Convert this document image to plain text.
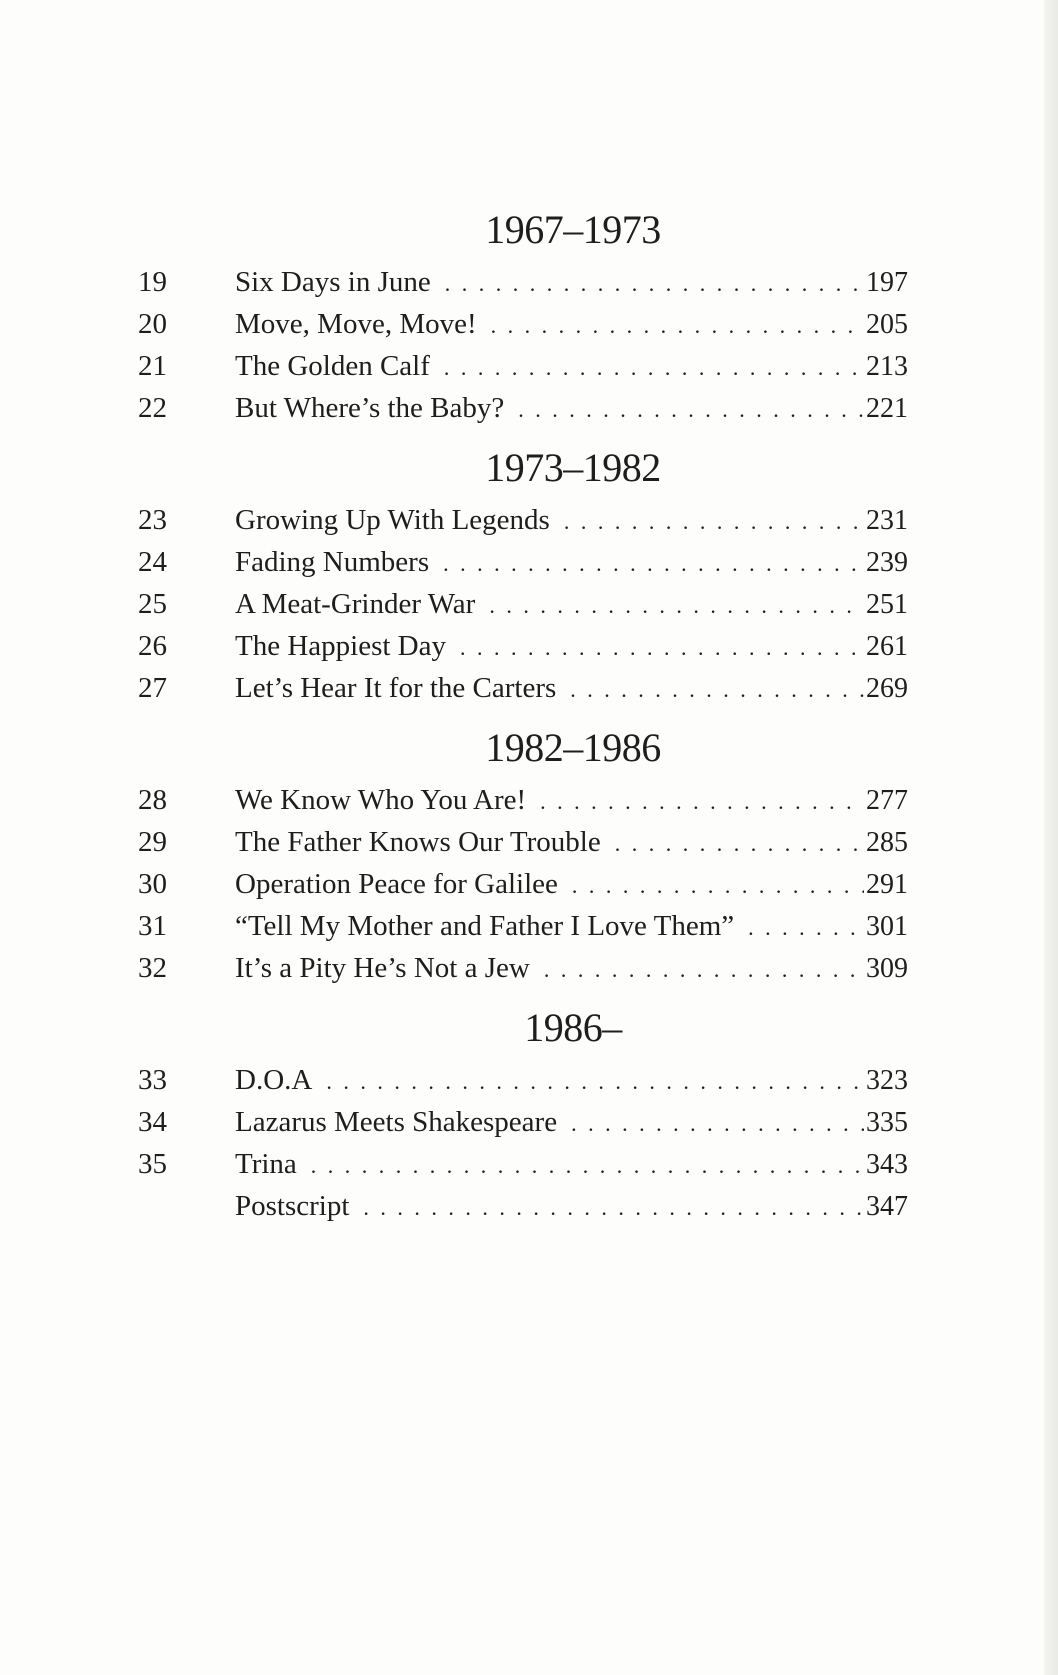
1967–1973
19	Six Days in June . . .	197
20	Move, Move, Move! . . .	205
21	The Golden Calf . . .	213
22	But Where’s the Baby? . . .	221
1973–1982
23	Growing Up With Legends . . .	231
24	Fading Numbers . . .	239
25	A Meat-Grinder War . . .	251
26	The Happiest Day . . .	261
27	Let’s Hear It for the Carters . . .	269
1982–1986
28	We Know Who You Are! . . .	277
29	The Father Knows Our Trouble . . .	285
30	Operation Peace for Galilee . . .	291
31	“Tell My Mother and Father I Love Them” . . .	301
32	It’s a Pity He’s Not a Jew . . .	309
1986–
33	D.O.A . . .	323
34	Lazarus Meets Shakespeare . . .	335
35	Trina . . .	343
Postscript . . .	347
